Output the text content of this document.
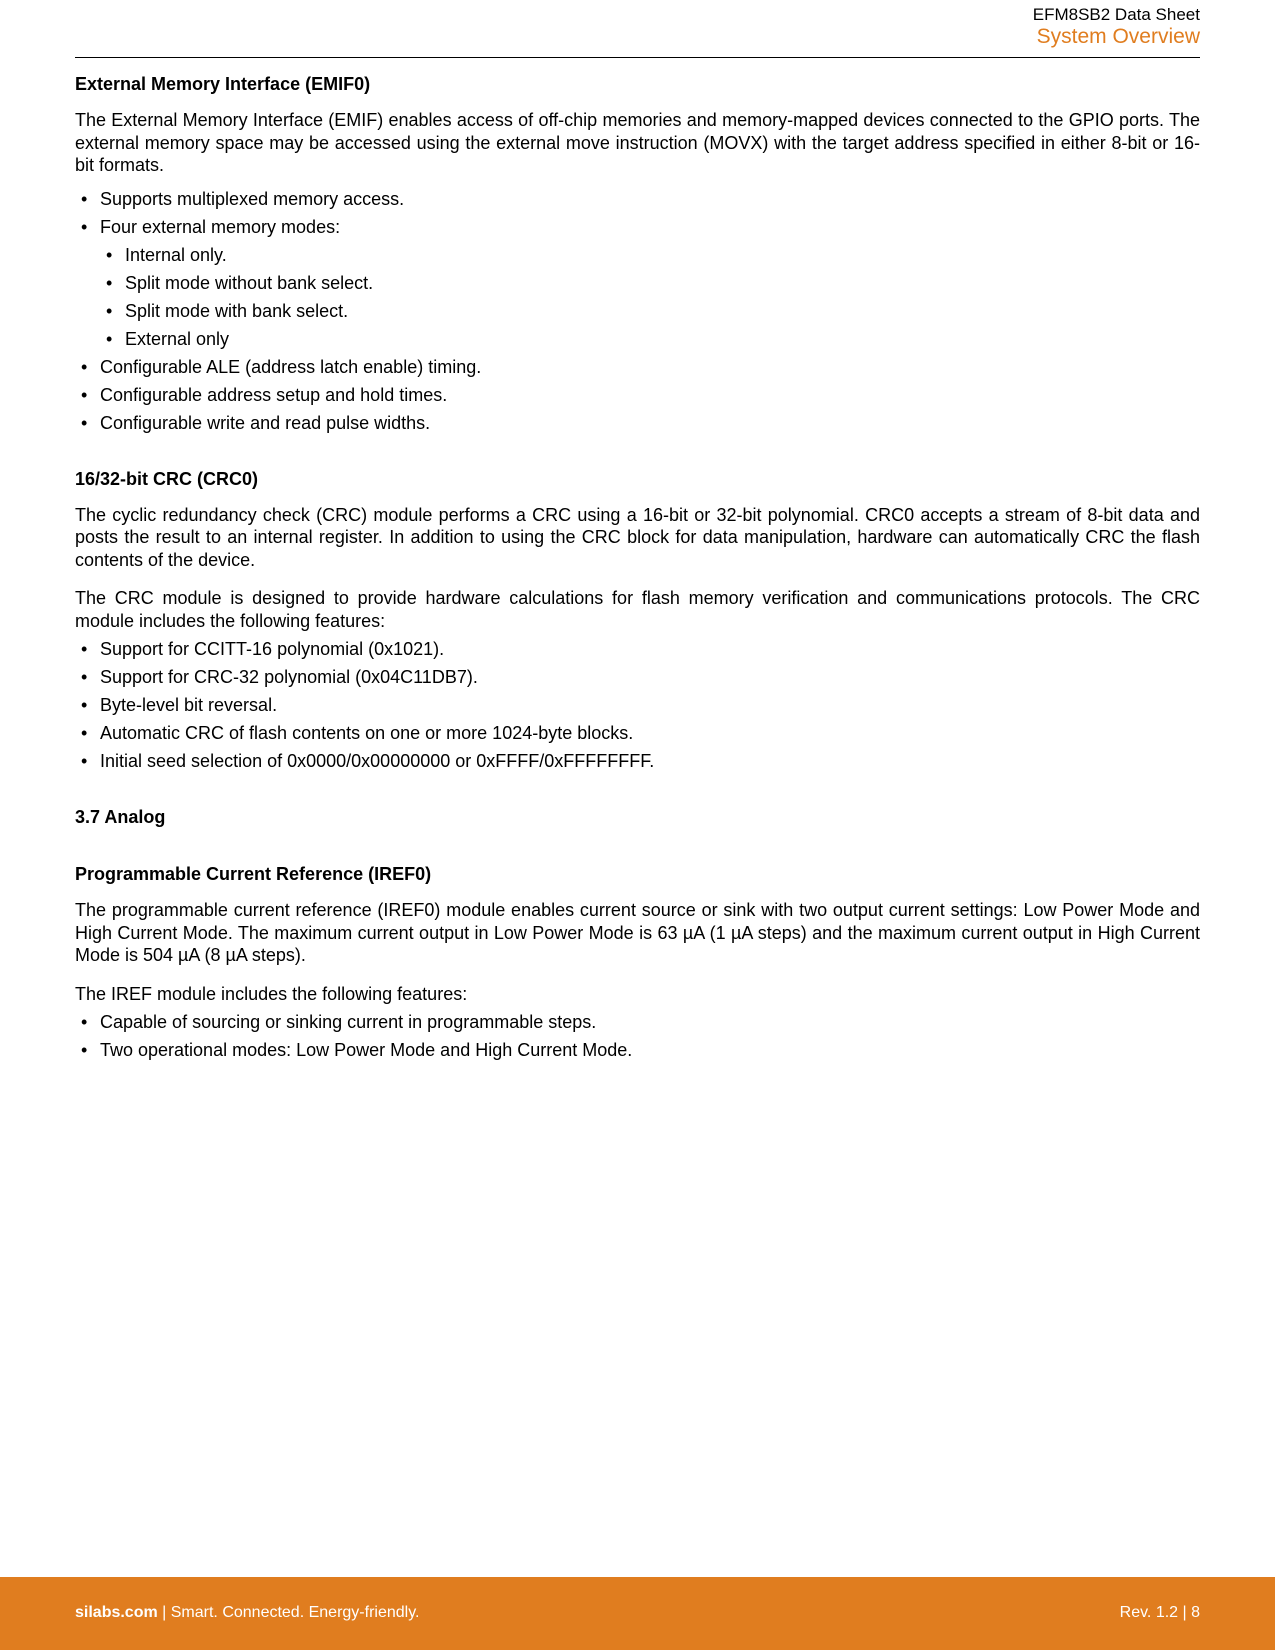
EFM8SB2 Data Sheet
System Overview
External Memory Interface (EMIF0)

The External Memory Interface (EMIF) enables access of off-chip memories and memory-mapped devices connected to the GPIO ports. The external memory space may be accessed using the external move instruction (MOVX) with the target address specified in either 8-bit or 16-bit formats.

• Supports multiplexed memory access.
• Four external memory modes:
• Internal only.
• Split mode without bank select.
• Split mode with bank select.
• External only
• Configurable ALE (address latch enable) timing.
• Configurable address setup and hold times.
• Configurable write and read pulse widths.
16/32-bit CRC (CRC0)

The cyclic redundancy check (CRC) module performs a CRC using a 16-bit or 32-bit polynomial. CRC0 accepts a stream of 8-bit data and posts the result to an internal register. In addition to using the CRC block for data manipulation, hardware can automatically CRC the flash contents of the device.

The CRC module is designed to provide hardware calculations for flash memory verification and communications protocols. The CRC module includes the following features:

• Support for CCITT-16 polynomial (0x1021).
• Support for CRC-32 polynomial (0x04C11DB7).
• Byte-level bit reversal.
• Automatic CRC of flash contents on one or more 1024-byte blocks.
• Initial seed selection of 0x0000/0x00000000 or 0xFFFF/0xFFFFFFFF.
3.7 Analog
Programmable Current Reference (IREF0)

The programmable current reference (IREF0) module enables current source or sink with two output current settings: Low Power Mode and High Current Mode. The maximum current output in Low Power Mode is 63 µA (1 µA steps) and the maximum current output in High Current Mode is 504 µA (8 µA steps).

The IREF module includes the following features:

• Capable of sourcing or sinking current in programmable steps.
• Two operational modes: Low Power Mode and High Current Mode.
silabs.com | Smart. Connected. Energy-friendly.	Rev. 1.2 | 8
